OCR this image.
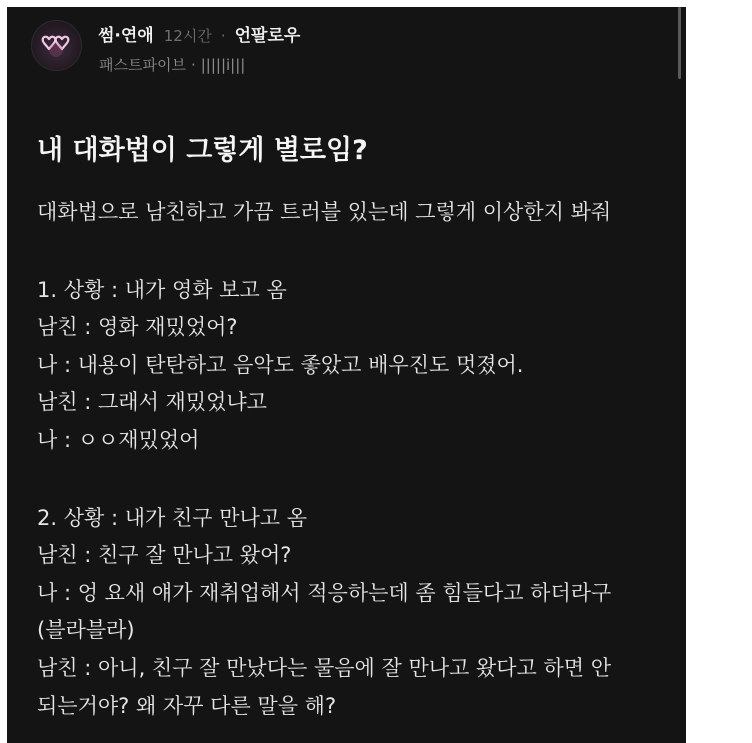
썸·연애 12시간 · 언팔로우
패스트파이브 · |||||i|||
내 대화법이 그렇게 별로임?
대화법으로 남친하고 가끔 트러블 있는데 그렇게 이상한지 봐줘
1. 상황 : 내가 영화 보고 옴
남친 : 영화 재밌었어?
나 : 내용이 탄탄하고 음악도 좋았고 배우진도 멋졌어.
남친 : 그래서 재밌었냐고
나 : ㅇㅇ재밌었어
2. 상황 : 내가 친구 만나고 옴
남친 : 친구 잘 만나고 왔어?
나 : 엉 요새 얘가 재취업해서 적응하는데 좀 힘들다고 하더라구
(블라블라)
남친 : 아니, 친구 잘 만났다는 물음에 잘 만나고 왔다고 하면 안
되는거야? 왜 자꾸 다른 말을 해?
